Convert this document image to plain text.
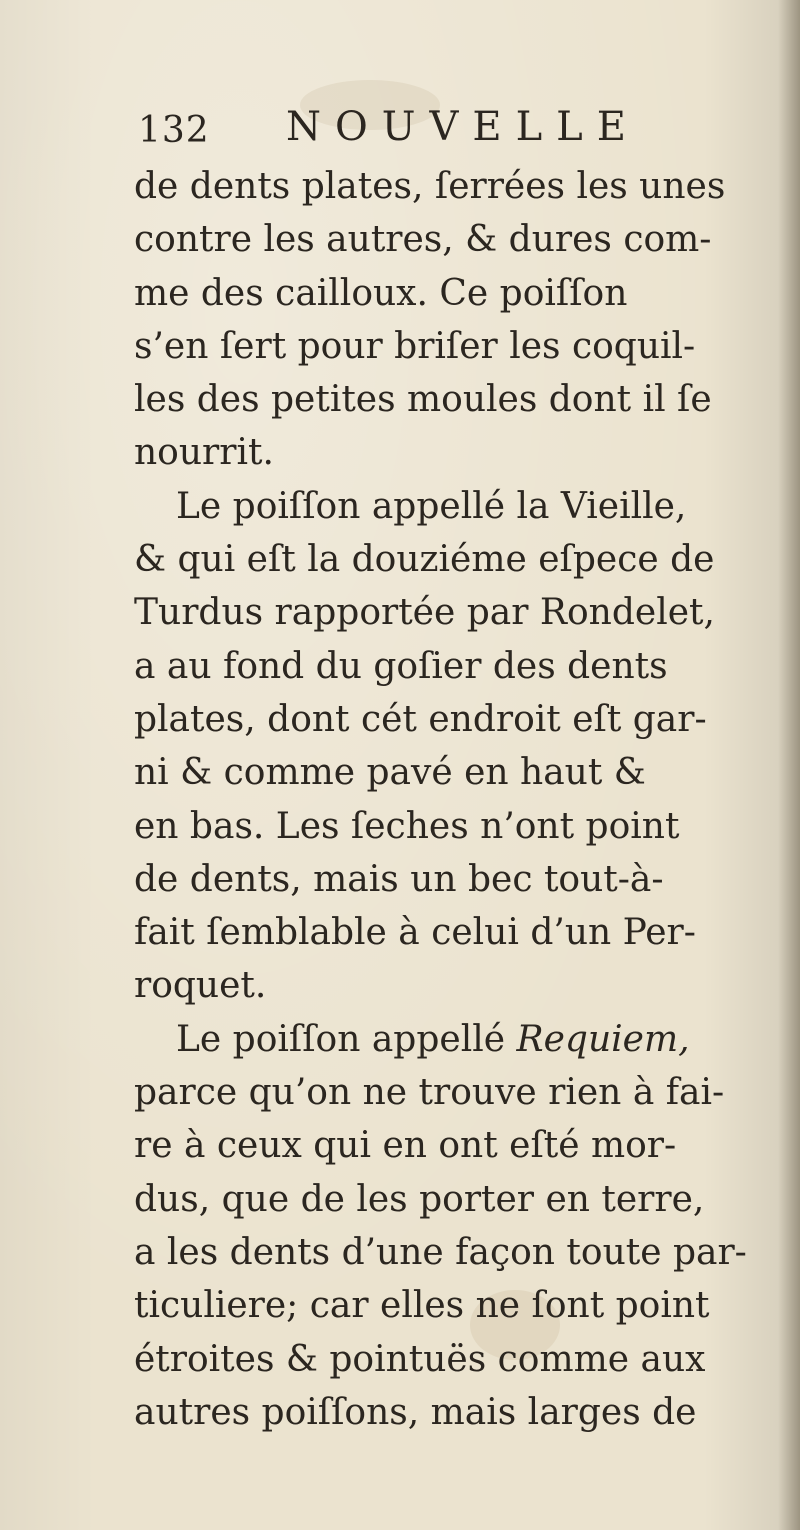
132 NOUVELLE
de dents plates, ſerrées les unes
contre les autres, & dures com-
me des cailloux. Ce poiſſon
s’en ſert pour briſer les coquil-
les des petites moules dont il ſe
nourrit.
Le poiſſon appellé la Vieille,
& qui eſt la douziéme eſpece de
Turdus rapportée par Rondelet,
a au fond du goſier des dents
plates, dont cét endroit eſt gar-
ni & comme pavé en haut &
en bas. Les ſeches n’ont point
de dents, mais un bec tout-à-
fait ſemblable à celui d’un Per-
roquet.
Le poiſſon appellé Requiem,
parce qu’on ne trouve rien à fai-
re à ceux qui en ont eſté mor-
dus, que de les porter en terre,
a les dents d’une façon toute par-
ticuliere; car elles ne ſont point
étroites & pointuës comme aux
autres poiſſons, mais larges de
